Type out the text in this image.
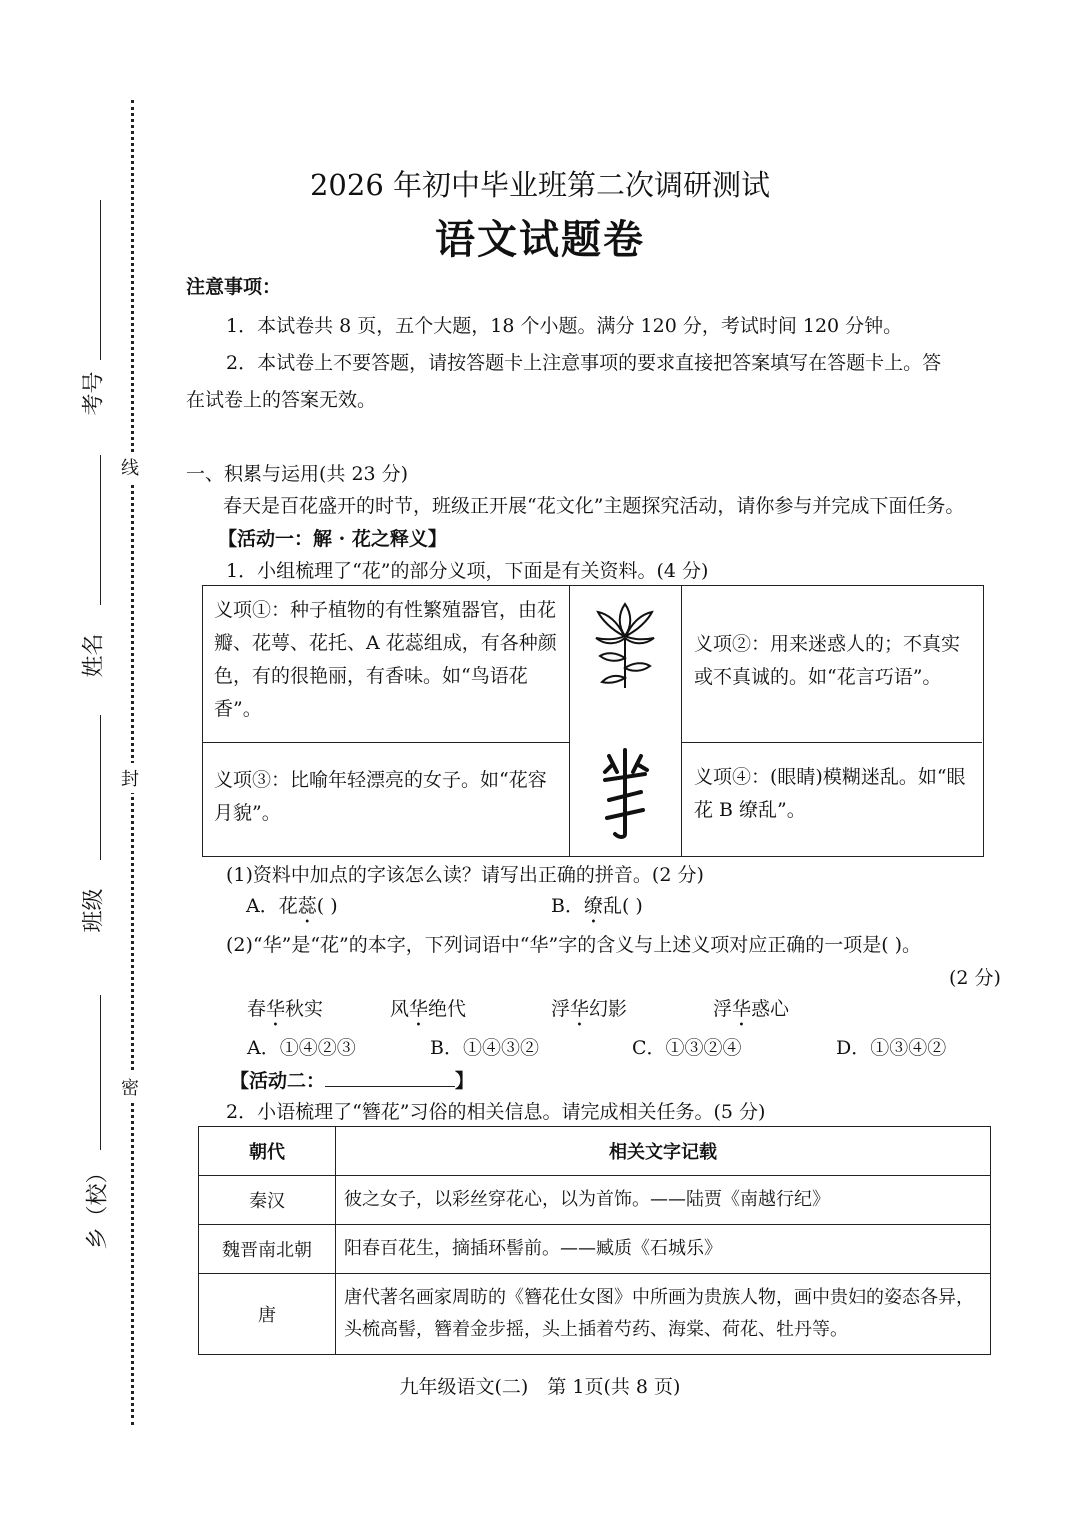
线
封
密
考号
姓名
班级
乡（校）
2026 年初中毕业班第二次调研测试
语文试题卷
注意事项：
1．本试卷共 8 页，五个大题，18 个小题。满分 120 分，考试时间 120 分钟。
2．本试卷上不要答题，请按答题卡上注意事项的要求直接把答案填写在答题卡上。答
在试卷上的答案无效。
一、积累与运用(共 23 分)
春天是百花盛开的时节，班级正开展“花文化”主题探究活动，请你参与并完成下面任务。
【活动一：解 · 花之释义】
1．小组梳理了“花”的部分义项，下面是有关资料。(4 分)
义项①：种子植物的有性繁殖器官，由花瓣、花萼、花托、A 花蕊组成，有各种颜色，有的很艳丽，有香味。如“鸟语花香”。
义项②：用来迷惑人的；不真实或不真诚的。如“花言巧语”。
义项③：比喻年轻漂亮的女子。如“花容月貌”。
义项④：(眼睛)模糊迷乱。如“眼花 B 缭乱”。
(1)资料中加点的字该怎么读？请写出正确的拼音。(2 分)
A．花蕊( )	B．缭乱( )
(2)“华”是“花”的本字，下列词语中“华”字的含义与上述义项对应正确的一项是( )。
(2 分)
春华秋实	风华绝代	浮华幻影	浮华惑心
A．①④②③	B．①④③②	C．①③②④	D．①③④②
【活动二：	】
2．小语梳理了“簪花”习俗的相关信息。请完成相关任务。(5 分)
朝代	相关文字记载
秦汉	彼之女子，以彩丝穿花心，以为首饰。——陆贾《南越行纪》
魏晋南北朝	阳春百花生，摘插环髻前。——臧质《石城乐》
唐	唐代著名画家周昉的《簪花仕女图》中所画为贵族人物，画中贵妇的姿态各异，头梳高髻，簪着金步摇，头上插着芍药、海棠、荷花、牡丹等。
九年级语文(二)　第 1页(共 8 页)
